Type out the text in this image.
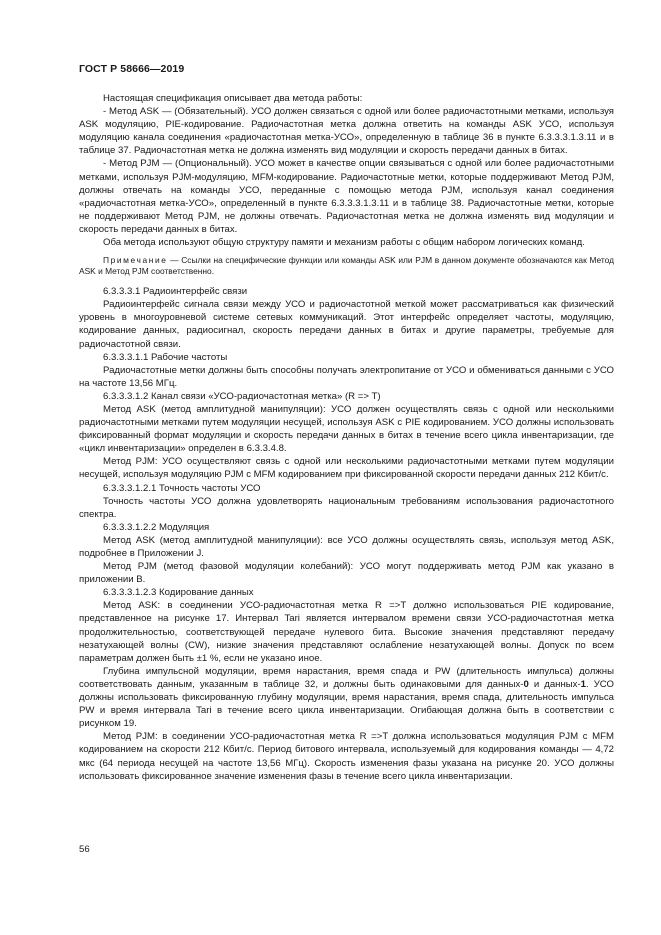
ГОСТ Р 58666—2019

Настоящая спецификация описывает два метода работы:

- Метод ASK — (Обязательный). УСО должен связаться с одной или более радиочастотными метками, используя ASK модуляцию, PIE-кодирование. Радиочастотная метка должна ответить на команды ASK УСО, используя модуляцию канала соединения «радиочастотная метка-УСО», определенную в таблице 36 в пункте 6.3.3.3.1.3.11 и в таблице 37. Радиочастотная метка не должна изменять вид модуляции и скорость передачи данных в битах.

- Метод PJM — (Опциональный). УСО может в качестве опции связываться с одной или более радиочастотными метками, используя PJM-модуляцию, MFM-кодирование. Радиочастотные метки, которые поддерживают Метод PJM, должны отвечать на команды УСО, переданные с помощью метода PJM, используя канал соединения «радиочастотная метка-УСО», определенный в пункте 6.3.3.3.1.3.11 и в таблице 38. Радиочастотные метки, которые не поддерживают Метод PJM, не должны отвечать. Радиочастотная метка не должна изменять вид модуляции и скорость передачи данных в битах.

Оба метода используют общую структуру памяти и механизм работы с общим набором логических команд.

Примечание — Ссылки на специфические функции или команды ASK или PJM в данном документе обозначаются как Метод ASK и Метод PJM соответственно.

6.3.3.3.1 Радиоинтерфейс связи

Радиоинтерфейс сигнала связи между УСО и радиочастотной меткой может рассматриваться как физический уровень в многоуровневой системе сетевых коммуникаций. Этот интерфейс определяет частоты, модуляцию, кодирование данных, радиосигнал, скорость передачи данных в битах и другие параметры, требуемые для радиочастотной связи.

6.3.3.3.1.1 Рабочие частоты

Радиочастотные метки должны быть способны получать электропитание от УСО и обмениваться данными с УСО на частоте 13,56 МГц.

6.3.3.3.1.2 Канал связи «УСО-радиочастотная метка» (R => T)

Метод ASK (метод амплитудной манипуляции): УСО должен осуществлять связь с одной или несколькими радиочастотными метками путем модуляции несущей, используя ASK с PIE кодированием. УСО должны использовать фиксированный формат модуляции и скорость передачи данных в битах в течение всего цикла инвентаризации, где «цикл инвентаризации» определен в 6.3.3.4.8.

Метод PJM: УСО осуществляют связь с одной или несколькими радиочастотными метками путем модуляции несущей, используя модуляцию PJM с MFM кодированием при фиксированной скорости передачи данных 212 Кбит/с.

6.3.3.3.1.2.1 Точность частоты УСО

Точность частоты УСО должна удовлетворять национальным требованиям использования радиочастотного спектра.

6.3.3.3.1.2.2 Модуляция

Метод ASK (метод амплитудной манипуляции): все УСО должны осуществлять связь, используя метод ASK, подробнее в Приложении J.

Метод PJM (метод фазовой модуляции колебаний): УСО могут поддерживать метод PJM как указано в приложении B.

6.3.3.3.1.2.3 Кодирование данных

Метод ASK: в соединении УСО-радиочастотная метка R =>T должно использоваться PIE кодирование, представленное на рисунке 17. Интервал Tari является интервалом времени связи УСО-радиочастотная метка продолжительностью, соответствующей передаче нулевого бита. Высокие значения представляют передачу незатухающей волны (CW), низкие значения представляют ослабление незатухающей волны. Допуск по всем параметрам должен быть ±1 %, если не указано иное.

Глубина импульсной модуляции, время нарастания, время спада и PW (длительность импульса) должны соответствовать данным, указанным в таблице 32, и должны быть одинаковыми для данных-0 и данных-1. УСО должны использовать фиксированную глубину модуляции, время нарастания, время спада, длительность импульса PW и время интервала Tari в течение всего цикла инвентаризации. Огибающая должна быть в соответствии с рисунком 19.

Метод PJM: в соединении УСО-радиочастотная метка R =>T должна использоваться модуляция PJM с MFM кодированием на скорости 212 Кбит/с. Период битового интервала, используемый для кодирования команды — 4,72 мкс (64 периода несущей на частоте 13,56 МГц). Скорость изменения фазы указана на рисунке 20. УСО должны использовать фиксированное значение изменения фазы в течение всего цикла инвентаризации.

56
